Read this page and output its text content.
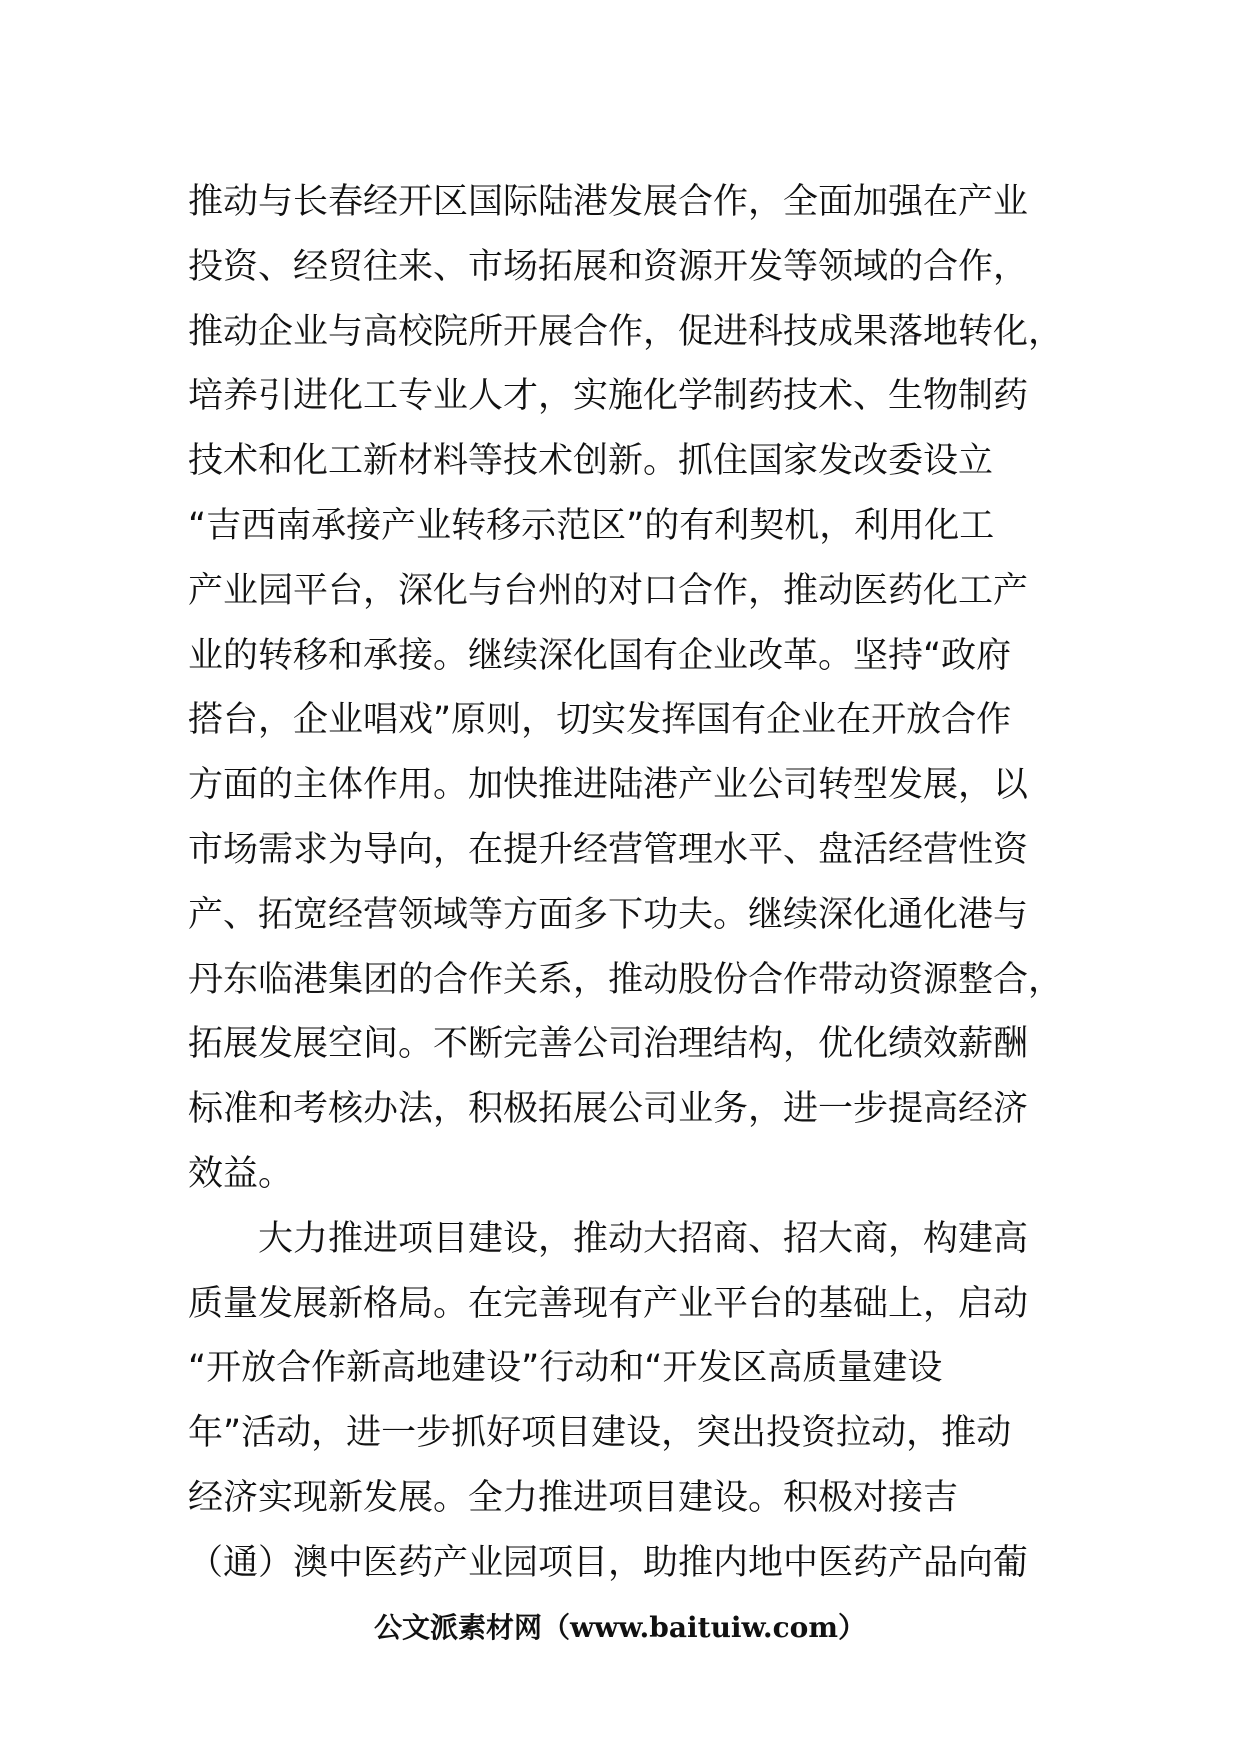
推动与长春经开区国际陆港发展合作，全面加强在产业
投资、经贸往来、市场拓展和资源开发等领域的合作，
推动企业与高校院所开展合作，促进科技成果落地转化，
培养引进化工专业人才，实施化学制药技术、生物制药
技术和化工新材料等技术创新。抓住国家发改委设立
“吉西南承接产业转移示范区”的有利契机，利用化工
产业园平台，深化与台州的对口合作，推动医药化工产
业的转移和承接。继续深化国有企业改革。坚持“政府
搭台，企业唱戏”原则，切实发挥国有企业在开放合作
方面的主体作用。加快推进陆港产业公司转型发展，以
市场需求为导向，在提升经营管理水平、盘活经营性资
产、拓宽经营领域等方面多下功夫。继续深化通化港与
丹东临港集团的合作关系，推动股份合作带动资源整合，
拓展发展空间。不断完善公司治理结构，优化绩效薪酬
标准和考核办法，积极拓展公司业务，进一步提高经济
效益。
大力推进项目建设，推动大招商、招大商，构建高
质量发展新格局。在完善现有产业平台的基础上，启动
“开放合作新高地建设”行动和“开发区高质量建设
年”活动，进一步抓好项目建设，突出投资拉动，推动
经济实现新发展。全力推进项目建设。积极对接吉
（通）澳中医药产业园项目，助推内地中医药产品向葡
公文派素材网（www.baituiw.com）
